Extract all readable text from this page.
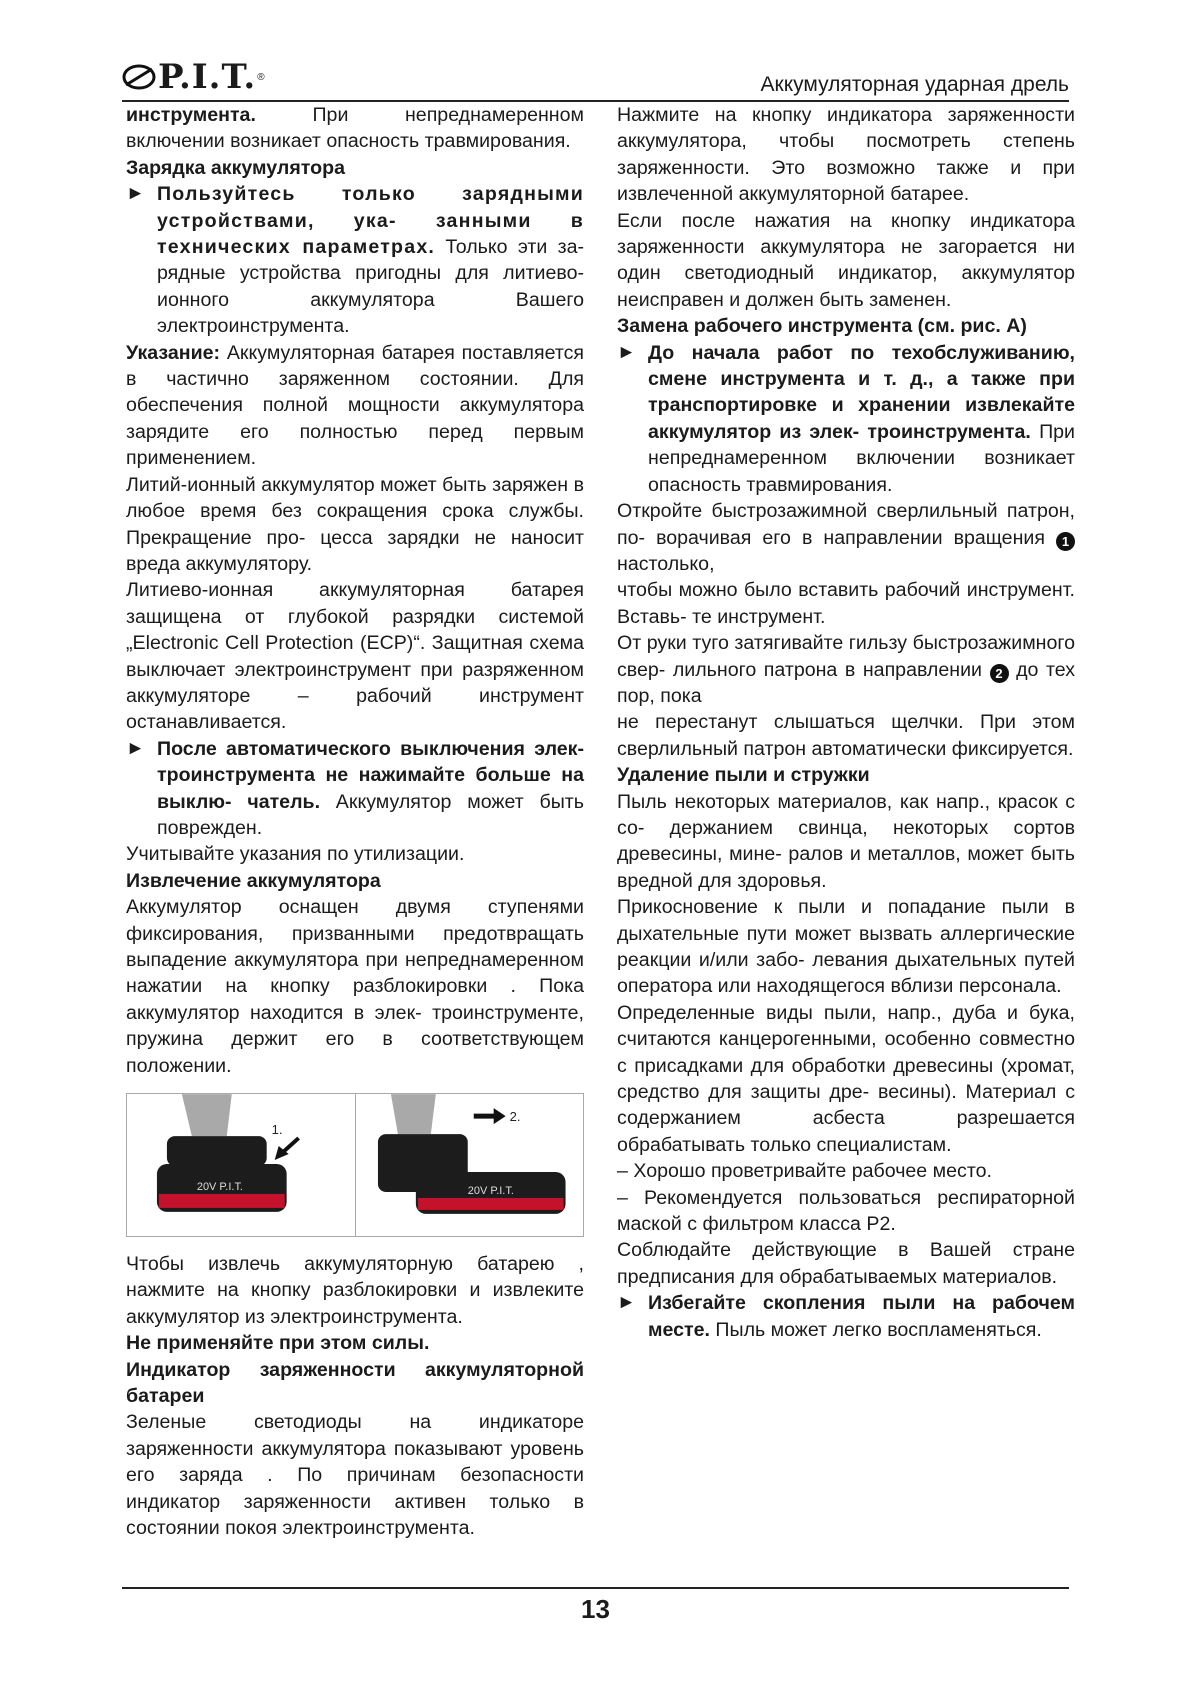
P.I.T. ®	Аккумуляторная ударная дрель

инструмента. При непреднамеренном включении возникает опасность травмирования.

Зарядка аккумулятора

► Пользуйтесь только зарядными устройствами, ука- занными в технических параметрах. Только эти за- рядные устройства пригодны для литиево-ионного аккумулятора Вашего электроинструмента.

Указание: Аккумуляторная батарея поставляется в частично заряженном состоянии. Для обеспечения полной мощности аккумулятора зарядите его полностью перед первым применением.

Литий-ионный аккумулятор может быть заряжен в любое время без сокращения срока службы. Прекращение про- цесса зарядки не наносит вреда аккумулятору.

Литиево-ионная аккумуляторная батарея защищена от глубокой разрядки системой „Electronic Cell Protection (ECP)“. Защитная схема выключает электроинструмент при разряженном аккумуляторе – рабочий инструмент останавливается.

► После автоматического выключения элек- троинструмента не нажимайте больше на выклю- чатель. Аккумулятор может быть поврежден.

Учитывайте указания по утилизации.

Извлечение аккумулятора

Аккумулятор оснащен двумя ступенями фиксирования, призванными предотвращать выпадение аккумулятора при непреднамеренном нажатии на кнопку разблокировки . Пока аккумулятор находится в элек- троинструменте, пружина держит его в соответствующем положении.

20V P.I.T.
1.
20V P.I.T.
2.

Чтобы извлечь аккумуляторную батарею , нажмите на кнопку разблокировки и извлеките аккумулятор из электроинструмента.

Не применяйте при этом силы.

Индикатор заряженности аккумуляторной батареи

Зеленые светодиоды на индикаторе заряженности аккумулятора показывают уровень его заряда . По причинам безопасности индикатор заряженности активен только в состоянии покоя электроинструмента.

Нажмите на кнопку индикатора заряженности аккумулятора, чтобы посмотреть степень заряженности. Это возможно также и при извлеченной аккумуляторной батарее.

Если после нажатия на кнопку индикатора заряженности аккумулятора не загорается ни один светодиодный индикатор, аккумулятор неисправен и должен быть заменен.

Замена рабочего инструмента (см. рис. А)

► До начала работ по техобслуживанию, смене инструмента и т. д., а также при транспортировке и хранении извлекайте аккумулятор из элек- троинструмента. При непреднамеренном включении возникает опасность травмирования.

Откройте быстрозажимной сверлильный патрон, по- ворачивая его в направлении вращения 1 настолько,

чтобы можно было вставить рабочий инструмент. Вставь- те инструмент.

От руки туго затягивайте гильзу быстрозажимного свер- лильного патрона в направлении 2 до тех пор, пока

не перестанут слышаться щелчки. При этом сверлильный патрон автоматически фиксируется.

Удаление пыли и стружки

Пыль некоторых материалов, как напр., красок с со- держанием свинца, некоторых сортов древесины, мине- ралов и металлов, может быть вредной для здоровья.

Прикосновение к пыли и попадание пыли в дыхательные пути может вызвать аллергические реакции и/или забо- левания дыхательных путей оператора или находящегося вблизи персонала.

Определенные виды пыли, напр., дуба и бука, считаются канцерогенными, особенно совместно с присадками для обработки древесины (хромат, средство для защиты дре- весины). Материал с содержанием асбеста разрешается обрабатывать только специалистам.

– Хорошо проветривайте рабочее место.

– Рекомендуется пользоваться респираторной маской с фильтром класса Р2.

Соблюдайте действующие в Вашей стране предписания для обрабатываемых материалов.

► Избегайте скопления пыли на рабочем месте. Пыль может легко воспламеняться.
13
